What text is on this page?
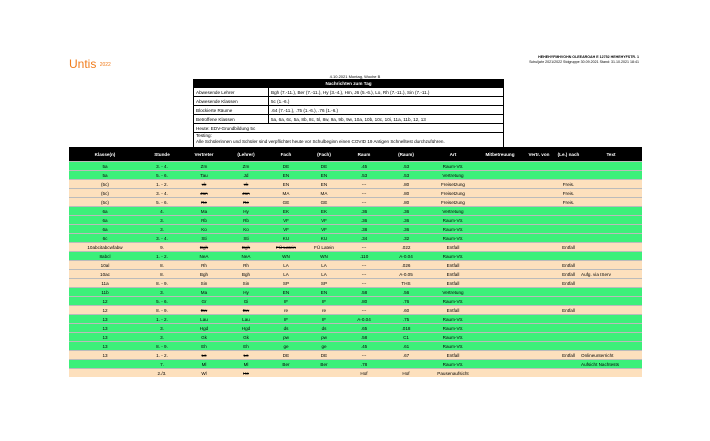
Untis $^{2022}$
HEHEHYFMHVOHN OLEEAROAH E 12752 HEHEHYFSTR. 1
Schuljahr 2021/2022 Stdgruppe 30.09.2021 Stand: 31.10.2021 18:41
4.10.2021 Montag, Woche B
Nachrichten zum Tag	
Abwesende Lehrer	Bgh (7.-11.), Ber (7.-11.), Hy (3.-4.), Hm, J6 (5.-6.), Lo, Rh (7.-11.), Sin (7.-11.)
Abwesende Klassen	5c (1.-6.)
Blockierte Räume	.64 (7.-11.), .75 (1.-6.), .76 (1.-6.)
Betroffene Klassen	5a, 6a, 6c, 5a, 8b, 8c, 5l, 8w, 9a, 9b, 9w, 10a, 10b, 10c, 10i, 11a, 11b, 12, 13
Heute: EDV-Grundbildung 5c	
Testing:
Alle Schülerinnen und Schüler sind verpflichtet heute vor Schulbeginn einen COVID 19 Antigen Schnelltest durchzuführen.	
Klasse(n)	Stunde	Vertreter	(Lehrer)	Fach	(Fach)	Raum	(Raum)	Art	Mitbetreuung	Vertr. von	(Le.) nach	Text
5a	3. - 4.	Zm	Zm	DE	DE	.45	.53	Raum-Vtr.				
5a	5. - 6.	Tau	Jd	EN	EN	.53	.53	Vertretung				
(5c)	1. - 2.	vk	vk	EN	EN	---	.80	Freisetzung			Freis.	
(5c)	3. - 4.	Jan	Jan	MA	MA	---	.80	Freisetzung			Freis.	
(5c)	5. - 6.	Re	Re	GE	GE	---	.80	Freisetzung			Freis.	
6a	4.	Ma	Hy	EK	EK	.36	.36	Vertretung				
6a	3.	Rb	Rb	VF	VF	.36	.36	Raum-Vtr.				
6a	3.	Ko	Ko	VF	VF	.38	.36	Raum-Vtr.				
6c	3. - 4.	Sti	Sti	KU	KU	.34	.32	Raum-Vtr.				
10abcitabcwfabw	9.	Bgh	Bgh	FÜ Latein	FÜ Latein	---	.022	Entfall			Entfall	
8abcl	1. - 2.	NeA	NeA	WN	WN	.110	A-0.04	Raum-Vtr.				
10al	8.	Rh	Rh	LA	LA	---	.026	Entfall			Entfall	
10ac	8.	Bgh	Bgh	LA	LA	---	A-0.05	Entfall			Entfall	Aufg. via IServ
11a	8. - 9.	Sin	Sin	SP	SP	---	THS	Entfall			Entfall	
11b	3.	Ma	Hy	EN	EN	.58	.56	Vertretung				
12	5. - 6.	Gr	Gi	IF	IF	.80	.76	Raum-Vtr.				
12	8. - 9.	Bw	Bw	re	re	---	.60	Entfall			Entfall	
13	1. - 2.	Lau	Lau	IF	IF	A-0.04	.75	Raum-Vtr.				
13	3.	Hgd	Hgd	ds	ds	.65	.018	Raum-Vtr.				
13	3.	Gk	Gk	pw	pw	.58	C1	Raum-Vtr.				
13	8. - 9.	Eh	Eh	ge	ge	.45	.61	Raum-Vtr.				
13	1. - 2.	Lo	Lo	DE	DE	---	.67	Entfall			Entfall	Onlineunterricht
	7.	Ml	Ml	Ber	Ber	.78		Raum-Vtr.				Aufsicht Nachtests
	2./3.	Wl	He			Hof	Hof	Pausenaufsicht				
